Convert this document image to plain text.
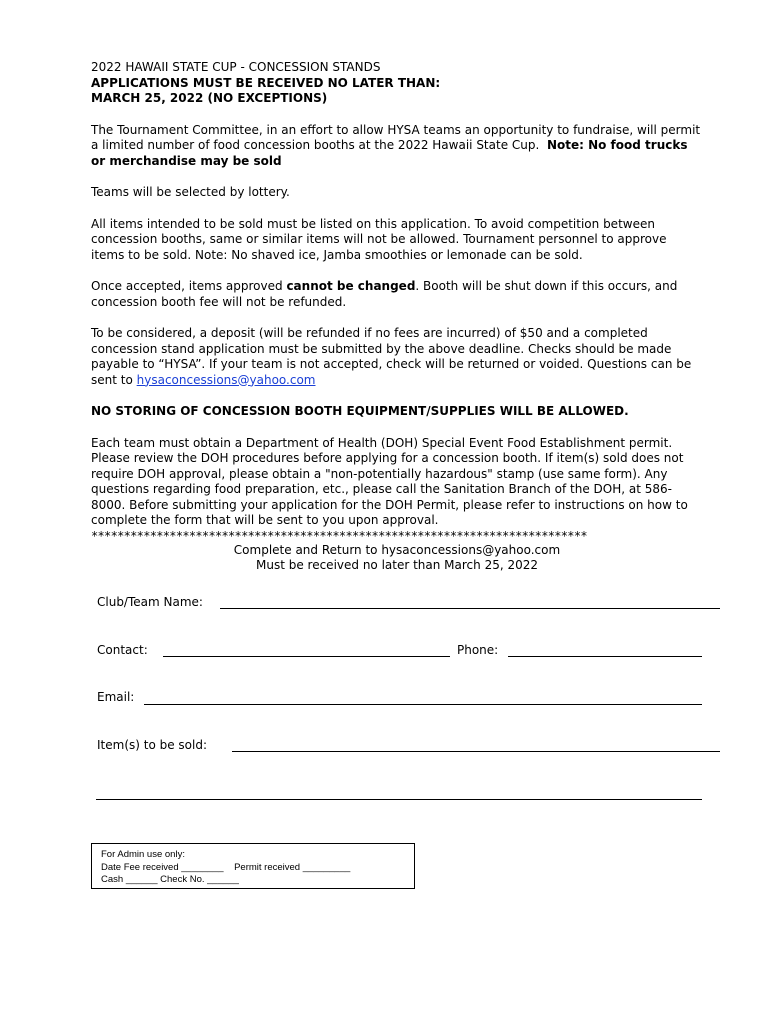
2022 HAWAII STATE CUP - CONCESSION STANDS

APPLICATIONS MUST BE RECEIVED NO LATER THAN:

MARCH 25, 2022 (NO EXCEPTIONS)

The Tournament Committee, in an effort to allow HYSA teams an opportunity to fundraise, will permit a limited number of food concession booths at the 2022 Hawaii State Cup. Note: No food trucks or merchandise may be sold

Teams will be selected by lottery.

All items intended to be sold must be listed on this application. To avoid competition between concession booths, same or similar items will not be allowed. Tournament personnel to approve items to be sold. Note: No shaved ice, Jamba smoothies or lemonade can be sold.

Once accepted, items approved cannot be changed. Booth will be shut down if this occurs, and concession booth fee will not be refunded.

To be considered, a deposit (will be refunded if no fees are incurred) of $50 and a completed concession stand application must be submitted by the above deadline. Checks should be made payable to “HYSA”. If your team is not accepted, check will be returned or voided. Questions can be sent to hysaconcessions@yahoo.com

NO STORING OF CONCESSION BOOTH EQUIPMENT/SUPPLIES WILL BE ALLOWED.

Each team must obtain a Department of Health (DOH) Special Event Food Establishment permit. Please review the DOH procedures before applying for a concession booth. If item(s) sold does not require DOH approval, please obtain a "non-potentially hazardous" stamp (use same form). Any questions regarding food preparation, etc., please call the Sanitation Branch of the DOH, at 586-8000. Before submitting your application for the DOH Permit, please refer to instructions on how to complete the form that will be sent to you upon approval.

****************************************************************************

Complete and Return to hysaconcessions@yahoo.com

Must be received no later than March 25, 2022

Club/Team Name:
Contact:	Phone:
Email:
Item(s) to be sold:
For Admin use only:
Date Fee received ________ Permit received _________
Cash ______ Check No. ______
